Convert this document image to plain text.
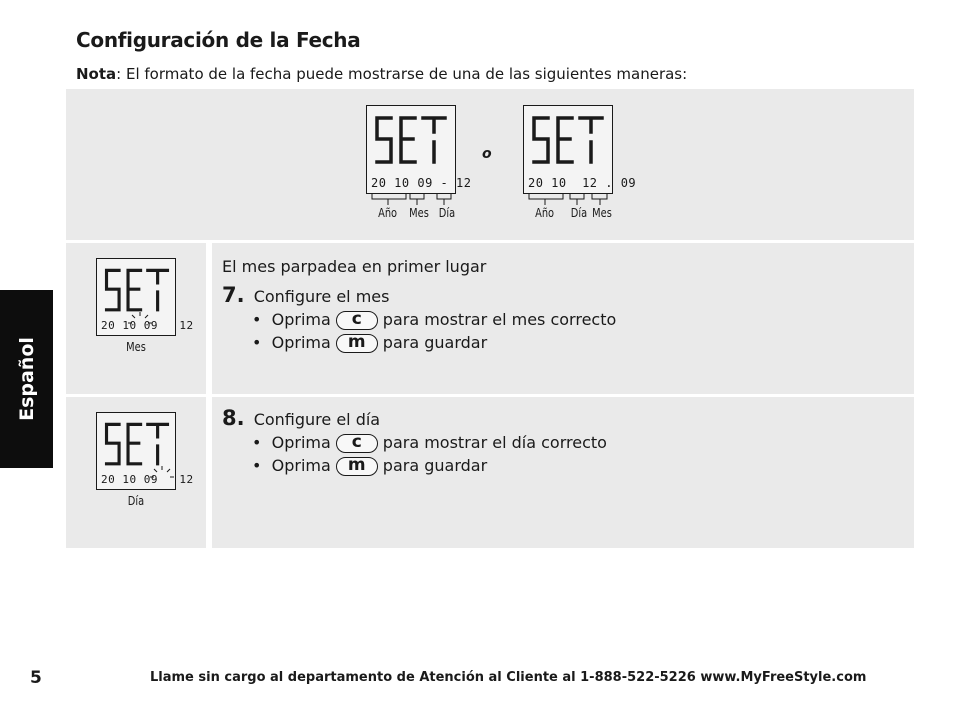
Configuración de la Fecha
Nota: El formato de la fecha puede mostrarse de una de las siguientes maneras:
Español
20 10 09 - 12
Año Mes Día
o
20 10  12 . 09
Año Día Mes
20 10 09   12
Mes
El mes parpadea en primer lugar
7. Configure el mes
• Oprima c para mostrar el mes correcto
• Oprima m para guardar
20 10 09   12
Día
8. Configure el día
• Oprima c para mostrar el día correcto
• Oprima m para guardar
5	Llame sin cargo al departamento de Atención al Cliente al 1-888-522-5226 www.MyFreeStyle.com
